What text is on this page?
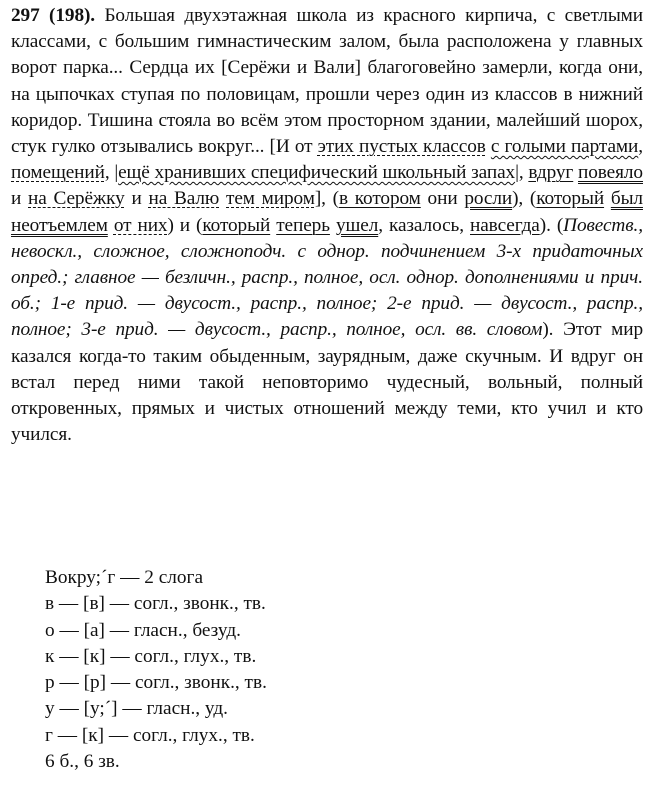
297 (198). Большая двухэтажная школа из красного кирпича, с светлыми классами, с большим гимнастическим залом, была расположена у главных ворот парка... Сердца их [Серёжи и Вали] благоговейно замерли, когда они, на цыпочках ступая по половицам, прошли через один из классов в нижний коридор. Тишина стояла во всём этом просторном здании, малейший шорох, стук гулко отзывались вокруг... [И от этих пустых классов с голыми партами, помещений, |ещё хранивших специфический школьный запах|, вдруг повеяло и на Серёжку и на Валю тем миром], (в котором они росли), (который был неотъемлем от них) и (который теперь ушел, казалось, навсегда). (Повеств., невоскл., сложное, сложноподч. с однор. подчинением 3-х придаточных опред.; главное — безличн., распр., полное, осл. однор. дополнениями и прич. об.; 1-е прид. — двусост., распр., полное; 2-е прид. — двусост., распр., полное; 3-е прид. — двусост., распр., полное, осл. вв. словом). Этот мир казался когда-то таким обыденным, заурядным, даже скучным. И вдруг он встал перед ними такой неповторимо чудесный, вольный, полный откровенных, прямых и чистых отношений между теми, кто учил и кто учился.
Вокру;´г — 2 слога
в — [в] — согл., звонк., тв.
о — [а] — гласн., безуд.
к — [к] — согл., глух., тв.
р — [р] — согл., звонк., тв.
у — [у;´] — гласн., уд.
г — [к] — согл., глух., тв.
6 б., 6 зв.
